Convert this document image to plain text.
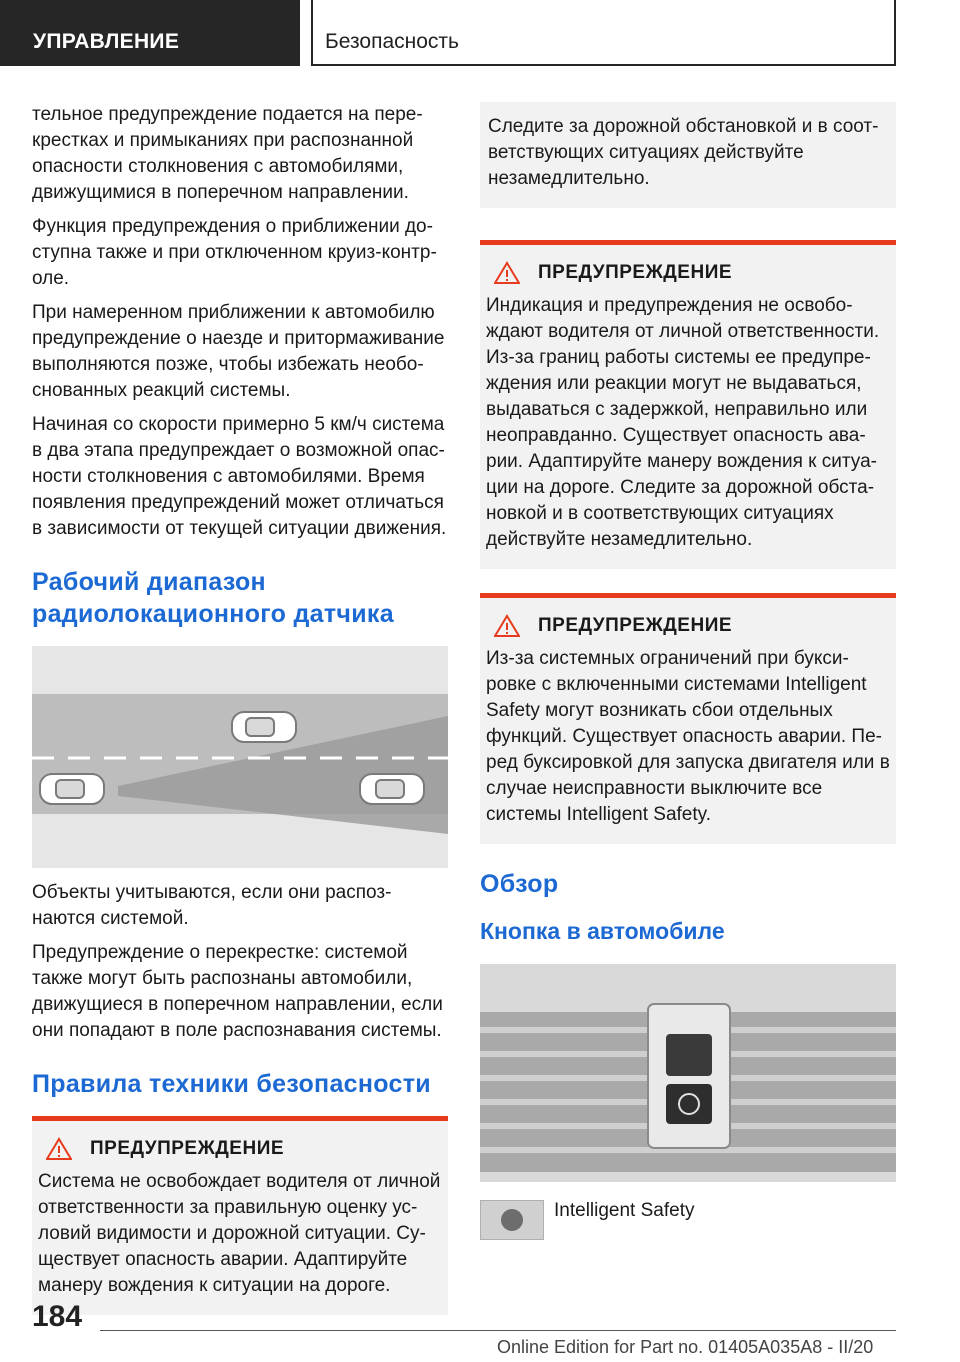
УПРАВЛЕНИЕ	Безопасность

тельное предупреждение подается на перекрестках и примыканиях при распознанной опасности столкновения с автомобилями, движущимися в поперечном направлении.

Функция предупреждения о приближении доступна также и при отключенном круиз-контроле.

При намеренном приближении к автомобилю предупреждение о наезде и притормаживание выполняются позже, чтобы избежать необоснованных реакций системы.

Начиная со скорости примерно 5 км/ч система в два этапа предупреждает о возможной опасности столкновения с автомобилями. Время появления предупреждений может отличаться в зависимости от текущей ситуации движения.

Рабочий диапазон радиолокационного датчика

Объекты учитываются, если они распознаются системой.

Предупреждение о перекрестке: системой также могут быть распознаны автомобили, движущиеся в поперечном направлении, если они попадают в поле распознавания системы.

Правила техники безопасности
ПРЕДУПРЕЖДЕНИЕ

Система не освобождает водителя от личной ответственности за правильную оценку условий видимости и дорожной ситуации. Существует опасность аварии. Адаптируйте манеру вождения к ситуации на дороге.

Следите за дорожной обстановкой и в соответствующих ситуациях действуйте незамедлительно.

ПРЕДУПРЕЖДЕНИЕ

Индикация и предупреждения не освобождают водителя от личной ответственности. Из-за границ работы системы ее предупреждения или реакции могут не выдаваться, выдаваться с задержкой, неправильно или неоправданно. Существует опасность аварии. Адаптируйте манеру вождения к ситуации на дороге. Следите за дорожной обстановкой и в соответствующих ситуациях действуйте незамедлительно.

ПРЕДУПРЕЖДЕНИЕ

Из-за системных ограничений при буксировке с включенными системами Intelligent Safety могут возникать сбои отдельных функций. Существует опасность аварии. Перед буксировкой для запуска двигателя или в случае неисправности выключите все системы Intelligent Safety.

Обзор
Кнопка в автомобиле
Intelligent Safety
184
Online Edition for Part no. 01405A035A8 - II/20
